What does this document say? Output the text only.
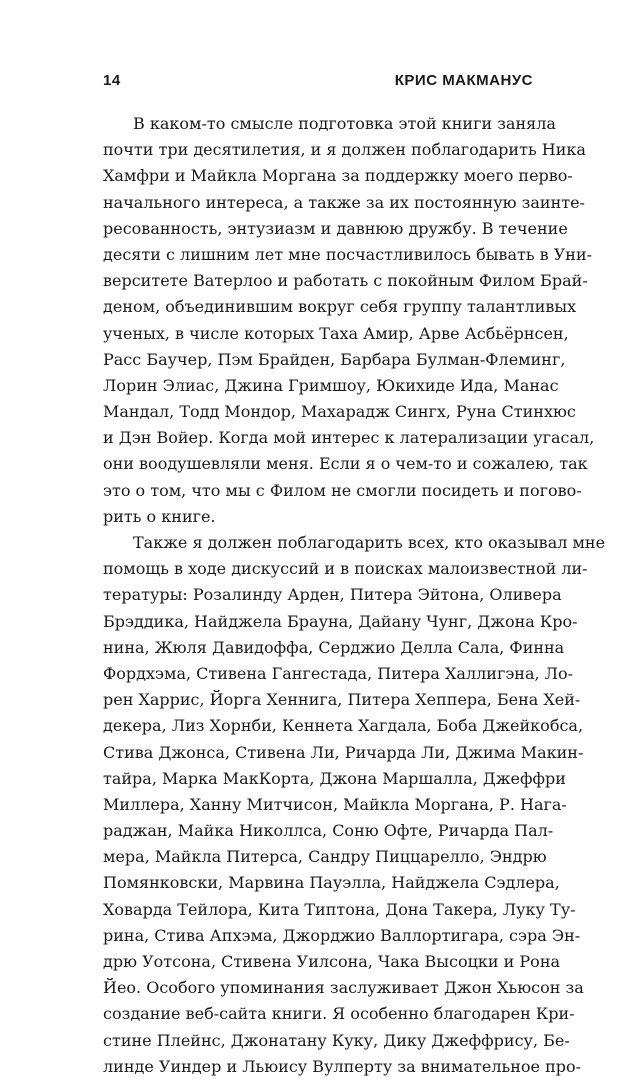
14	КРИС МАКМАНУС
В каком-то смысле подготовка этой книги заняла
почти три десятилетия, и я должен поблагодарить Ника
Хамфри и Майкла Моргана за поддержку моего перво-
начального интереса, а также за их постоянную заинте-
ресованность, энтузиазм и давнюю дружбу. В течение
десяти с лишним лет мне посчастливилось бывать в Уни-
верситете Ватерлоо и работать с покойным Филом Брай-
деном, объединившим вокруг себя группу талантливых
ученых, в числе которых Таха Амир, Арве Асбьёрнсен,
Расс Баучер, Пэм Брайден, Барбара Булман-Флеминг,
Лорин Элиас, Джина Гримшоу, Юкихиде Ида, Манас
Мандал, Тодд Мондор, Махарадж Сингх, Руна Стинхюс
и Дэн Войер. Когда мой интерес к латерализации угасал,
они воодушевляли меня. Если я о чем-то и сожалею, так
это о том, что мы с Филом не смогли посидеть и погово-
рить о книге.
Также я должен поблагодарить всех, кто оказывал мне
помощь в ходе дискуссий и в поисках малоизвестной ли-
тературы: Розалинду Арден, Питера Эйтона, Оливера
Брэддика, Найджела Брауна, Дайану Чунг, Джона Кро-
нина, Жюля Давидоффа, Серджио Делла Сала, Финна
Фордхэма, Стивена Гангестада, Питера Халлигэна, Ло-
рен Харрис, Йорга Хеннига, Питера Хеппера, Бена Хей-
декера, Лиз Хорнби, Кеннета Хагдала, Боба Джейкобса,
Стива Джонса, Стивена Ли, Ричарда Ли, Джима Макин-
тайра, Марка МакКорта, Джона Маршалла, Джеффри
Миллера, Ханну Митчисон, Майкла Моргана, Р. Нага-
раджан, Майка Николлса, Соню Офте, Ричарда Пал-
мера, Майкла Питерса, Сандру Пиццарелло, Эндрю
Помянковски, Марвина Пауэлла, Найджела Сэдлера,
Ховарда Тейлора, Кита Типтона, Дона Такера, Луку Ту-
рина, Стива Апхэма, Джорджио Валлортигара, сэра Эн-
дрю Уотсона, Стивена Уилсона, Чака Высоцки и Рона
Йео. Особого упоминания заслуживает Джон Хьюсон за
создание веб-сайта книги. Я особенно благодарен Кри-
стине Плейнс, Джонатану Куку, Дику Джеффрису, Бе-
линде Уиндер и Льюису Вулперту за внимательное про-
